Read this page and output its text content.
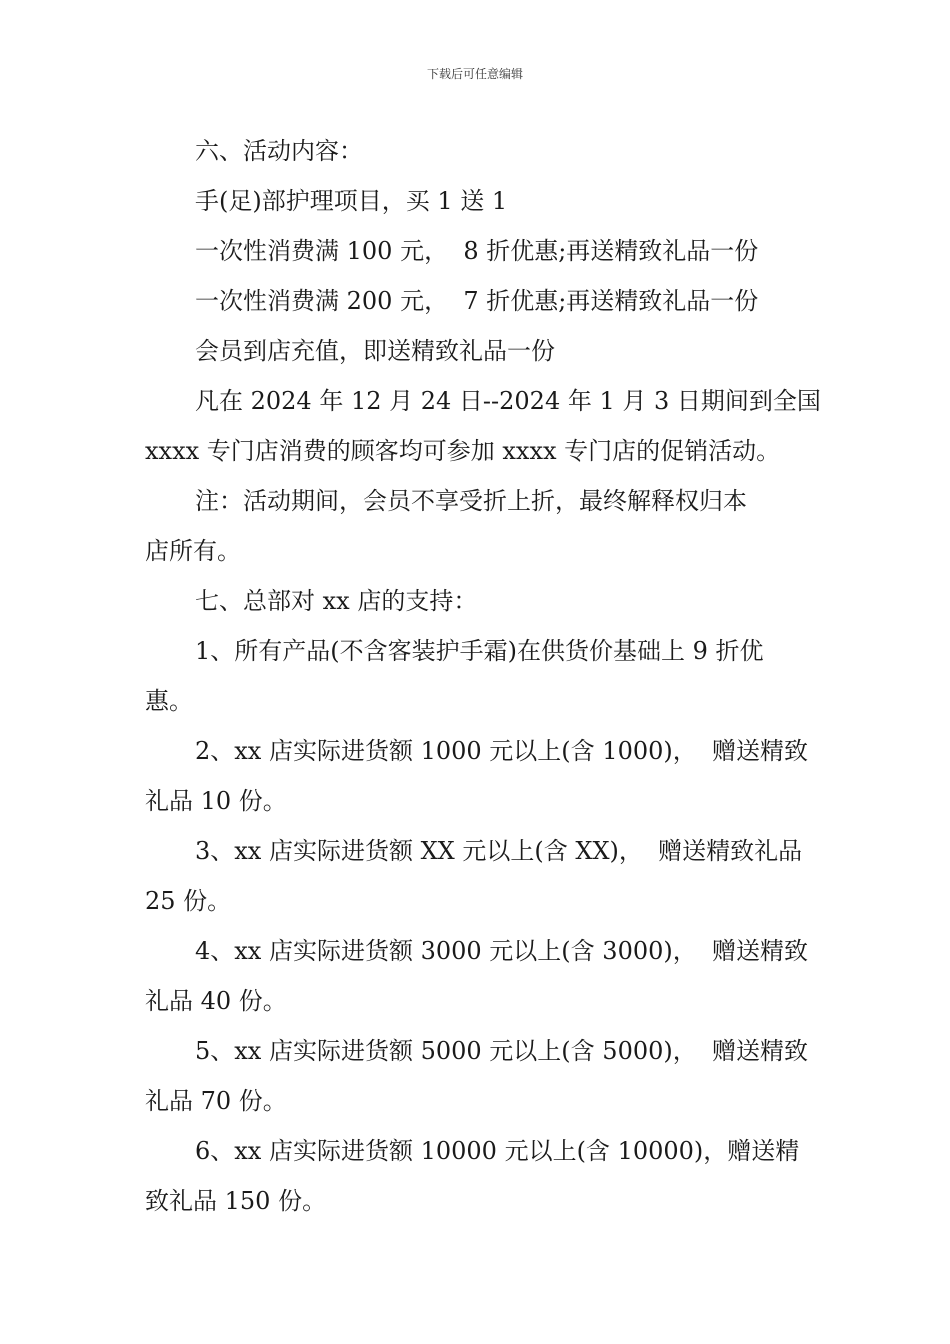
下载后可任意编辑
六、活动内容：
手(足)部护理项目，买 1 送 1
一次性消费满 100 元，  8 折优惠;再送精致礼品一份
一次性消费满 200 元，  7 折优惠;再送精致礼品一份
会员到店充值，即送精致礼品一份
凡在 2024 年 12 月 24 日--2024 年 1 月 3 日期间到全国
xxxx 专门店消费的顾客均可参加 xxxx 专门店的促销活动。
注：活动期间，会员不享受折上折，最终解释权归本
店所有。
七、总部对 xx 店的支持：
1、所有产品(不含客装护手霜)在供货价基础上 9 折优
惠。
2、xx 店实际进货额 1000 元以上(含 1000)，  赠送精致
礼品 10 份。
3、xx 店实际进货额 XX 元以上(含 XX)，  赠送精致礼品
25 份。
4、xx 店实际进货额 3000 元以上(含 3000)，  赠送精致
礼品 40 份。
5、xx 店实际进货额 5000 元以上(含 5000)，  赠送精致
礼品 70 份。
6、xx 店实际进货额 10000 元以上(含 10000)，赠送精
致礼品 150 份。
